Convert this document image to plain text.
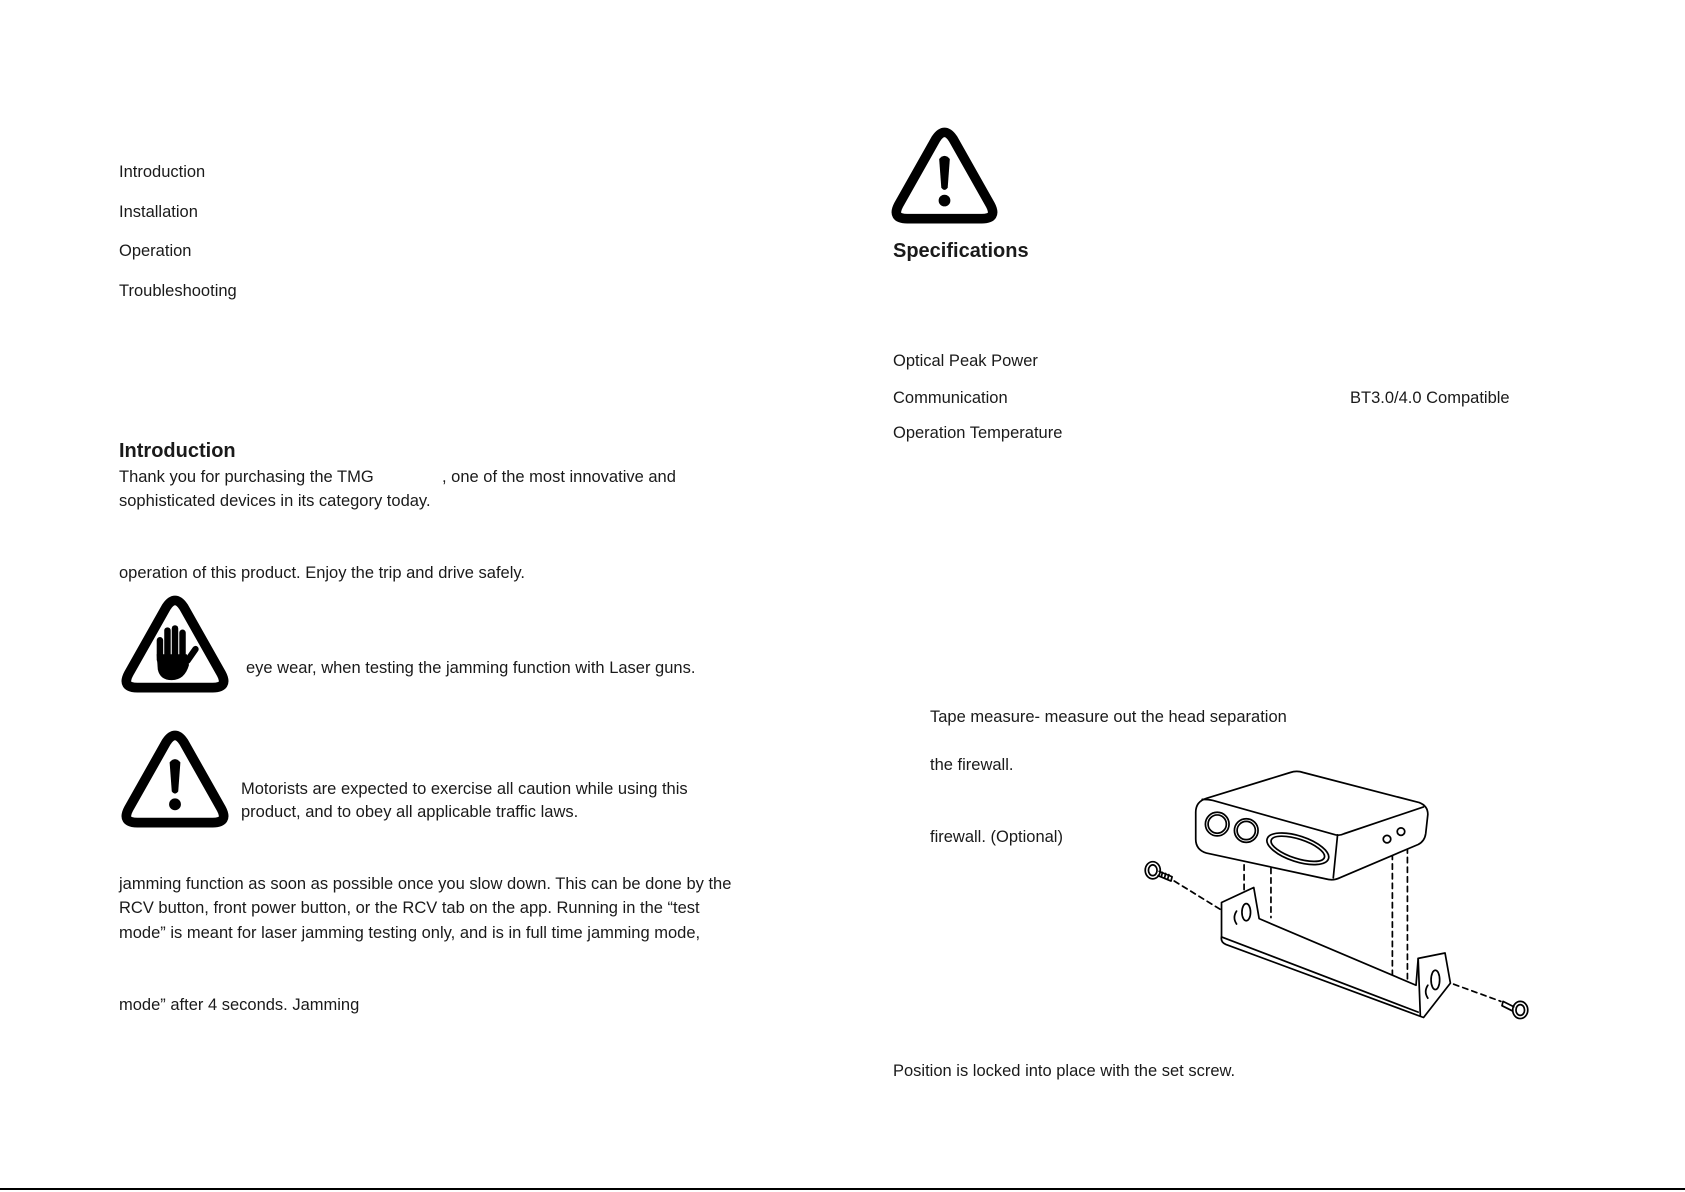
Introduction
Installation
Operation
Troubleshooting
Introduction
Thank you for purchasing the TMG	, one of the most innovative and
sophisticated devices in its category today.
operation of this product. Enjoy the trip and drive safely.
eye wear, when testing the jamming function with Laser guns.
Motorists are expected to exercise all caution while using this
product, and to obey all applicable traffic laws.
jamming function as soon as possible once you slow down. This can be done by the
RCV button, front power button, or the RCV tab on the app. Running in the “test
mode” is meant for laser jamming testing only, and is in full time jamming mode,
mode” after 4 seconds. Jamming
Specifications
Optical Peak Power
Communication	BT3.0/4.0 Compatible
Operation Temperature
Tape measure- measure out the head separation
the firewall.
firewall. (Optional)
Position is locked into place with the set screw.
